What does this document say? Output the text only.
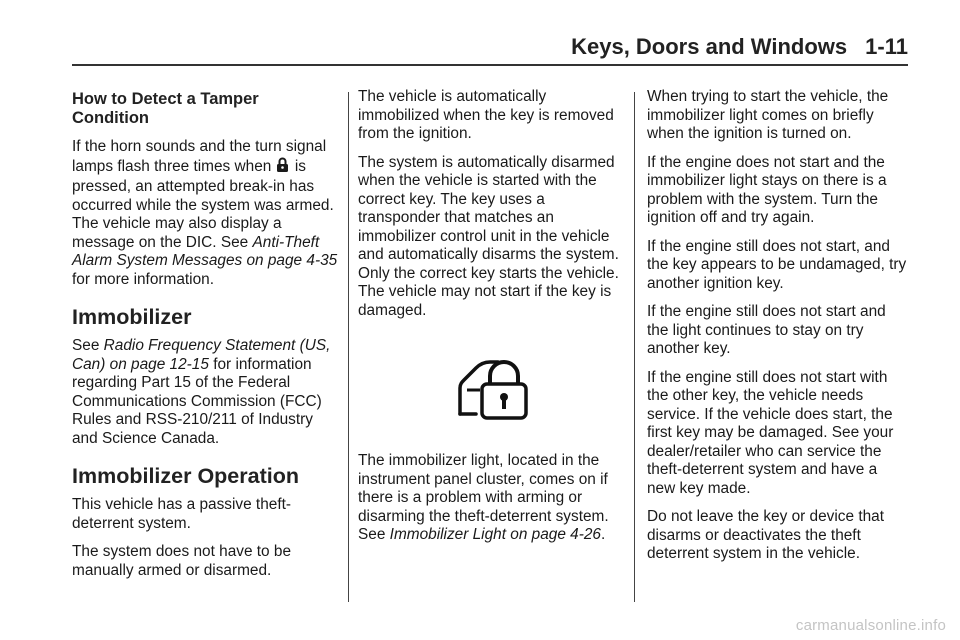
Keys, Doors and Windows 1-11
How to Detect a Tamper Condition

If the horn sounds and the turn signal lamps flash three times when is pressed, an attempted break-in has occurred while the system was armed. The vehicle may also display a message on the DIC. See Anti-Theft Alarm System Messages on page 4-35 for more information.

Immobilizer

See Radio Frequency Statement (US, Can) on page 12-15 for information regarding Part 15 of the Federal Communications Commission (FCC) Rules and RSS-210/211 of Industry and Science Canada.

Immobilizer Operation

This vehicle has a passive theft-deterrent system.

The system does not have to be manually armed or disarmed.

The vehicle is automatically immobilized when the key is removed from the ignition.

The system is automatically disarmed when the vehicle is started with the correct key. The key uses a transponder that matches an immobilizer control unit in the vehicle and automatically disarms the system. Only the correct key starts the vehicle. The vehicle may not start if the key is damaged.

The immobilizer light, located in the instrument panel cluster, comes on if there is a problem with arming or disarming the theft-deterrent system. See Immobilizer Light on page 4-26.

When trying to start the vehicle, the immobilizer light comes on briefly when the ignition is turned on.

If the engine does not start and the immobilizer light stays on there is a problem with the system. Turn the ignition off and try again.

If the engine still does not start, and the key appears to be undamaged, try another ignition key.

If the engine still does not start and the light continues to stay on try another key.

If the engine still does not start with the other key, the vehicle needs service. If the vehicle does start, the first key may be damaged. See your dealer/retailer who can service the theft-deterrent system and have a new key made.

Do not leave the key or device that disarms or deactivates the theft deterrent system in the vehicle.

carmanualsonline.info
